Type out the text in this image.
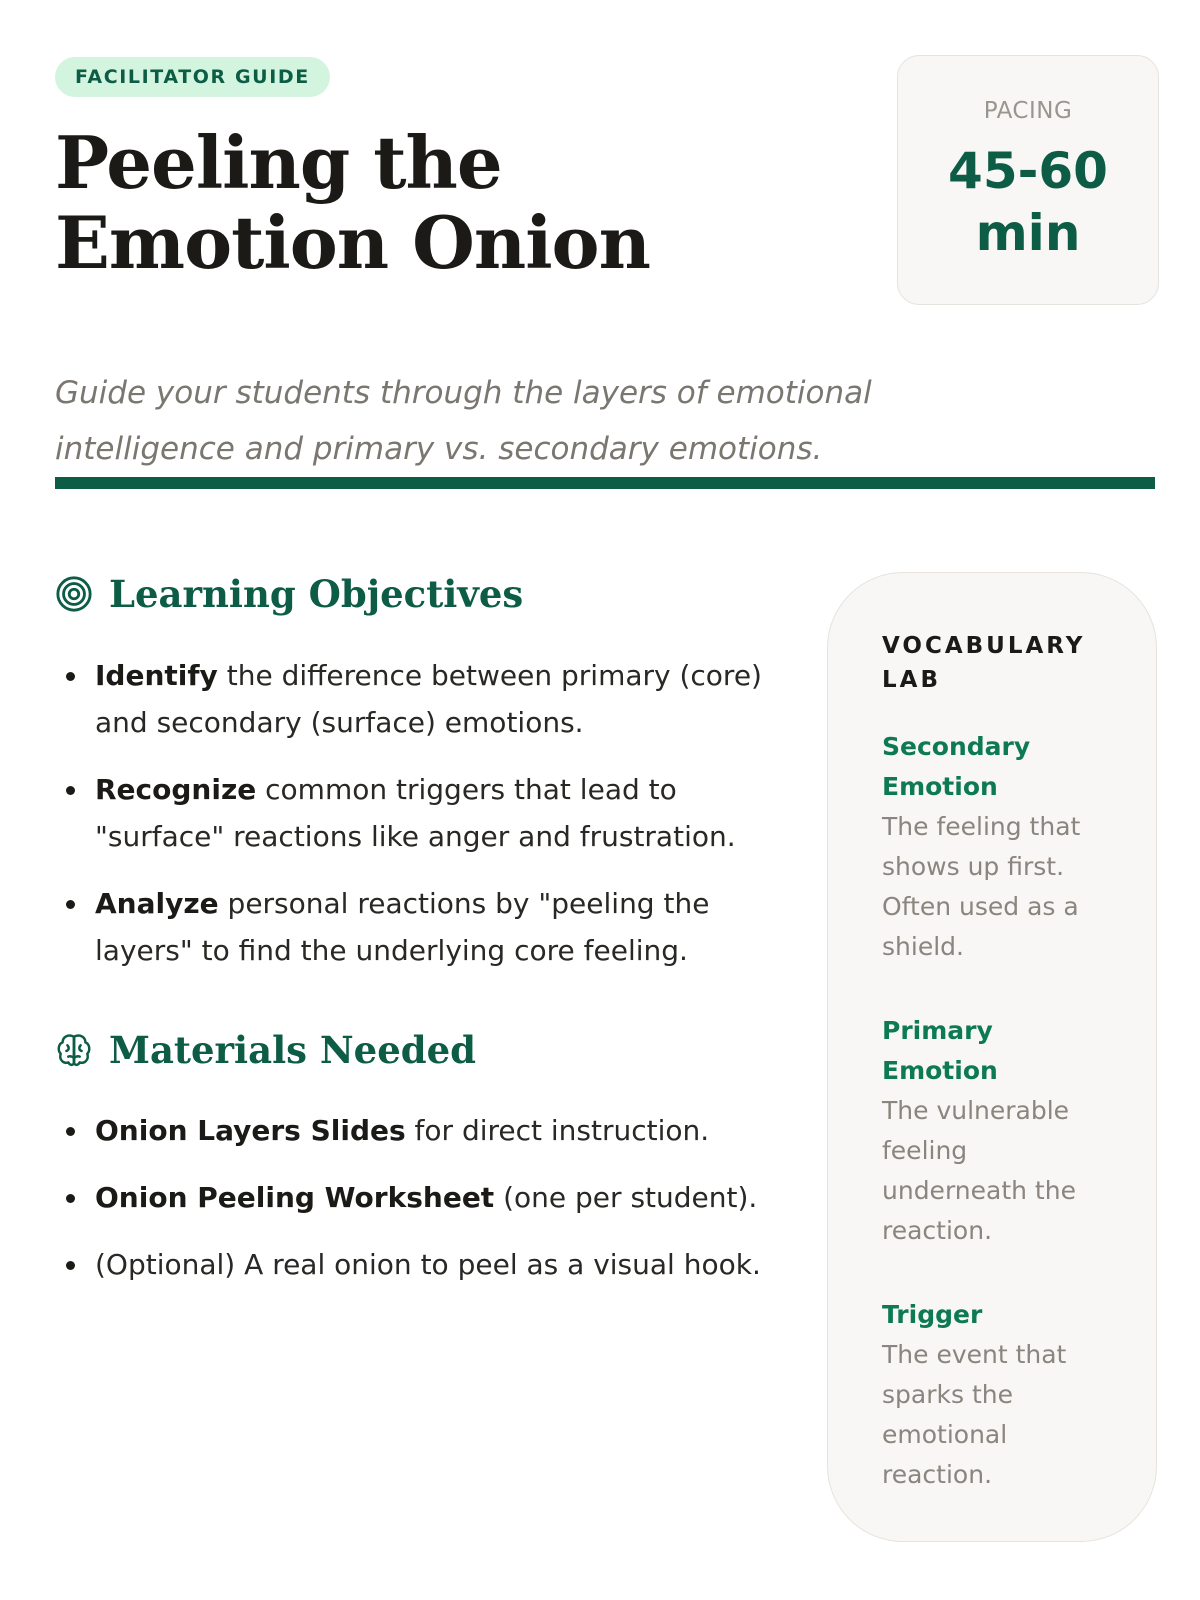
FACILITATOR GUIDE
Peeling the Emotion Onion

Guide your students through the layers of emotional intelligence and primary vs. secondary emotions.

PACING
45-60 min
Learning Objectives
Identify the difference between primary (core) and secondary (surface) emotions.
Recognize common triggers that lead to "surface" reactions like anger and frustration.
Analyze personal reactions by "peeling the layers" to find the underlying core feeling.
Materials Needed
Onion Layers Slides for direct instruction.
Onion Peeling Worksheet (one per student).
(Optional) A real onion to peel as a visual hook.
VOCABULARY LAB
Secondary Emotion
The feeling that shows up first. Often used as a shield.
Primary Emotion
The vulnerable feeling underneath the reaction.
Trigger
The event that sparks the emotional reaction.
